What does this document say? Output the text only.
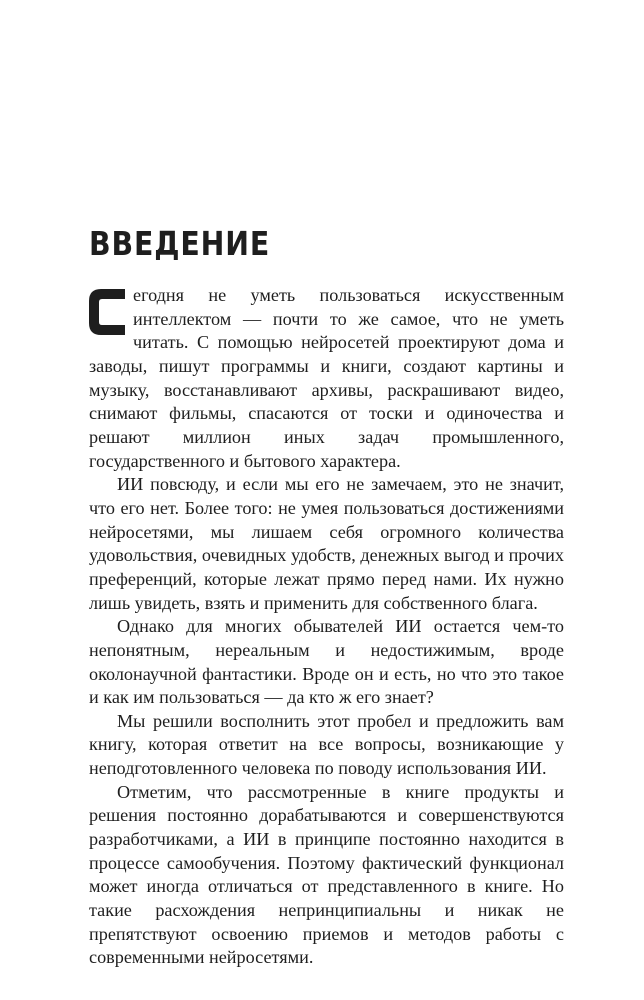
ВВЕДЕНИЕ

егодня не уметь пользоваться искусственным интеллектом — почти то же самое, что не уметь читать. С помощью нейросетей проектируют дома и заводы, пишут программы и книги, создают картины и музыку, восстанавливают архивы, раскрашивают видео, снимают фильмы, спасаются от тоски и одиночества и решают миллион иных задач промышленного, государственного и бытового характера.

ИИ повсюду, и если мы его не замечаем, это не значит, что его нет. Более того: не умея пользоваться достижениями нейросетями, мы лишаем себя огромного количества удовольствия, очевидных удобств, денежных выгод и прочих преференций, которые лежат прямо перед нами. Их нужно лишь увидеть, взять и применить для собственного блага.

Однако для многих обывателей ИИ остается чем-то непонятным, нереальным и недостижимым, вроде околонаучной фантастики. Вроде он и есть, но что это такое и как им пользоваться — да кто ж его знает?

Мы решили восполнить этот пробел и предложить вам книгу, которая ответит на все вопросы, возникающие у неподготовленного человека по поводу использования ИИ.

Отметим, что рассмотренные в книге продукты и решения постоянно дорабатываются и совершенствуются разработчиками, а ИИ в принципе постоянно находится в процессе самообучения. Поэтому фактический функционал может иногда отличаться от представленного в книге. Но такие расхождения непринципиальны и никак не препятствуют освоению приемов и методов работы с современными нейросетями.
